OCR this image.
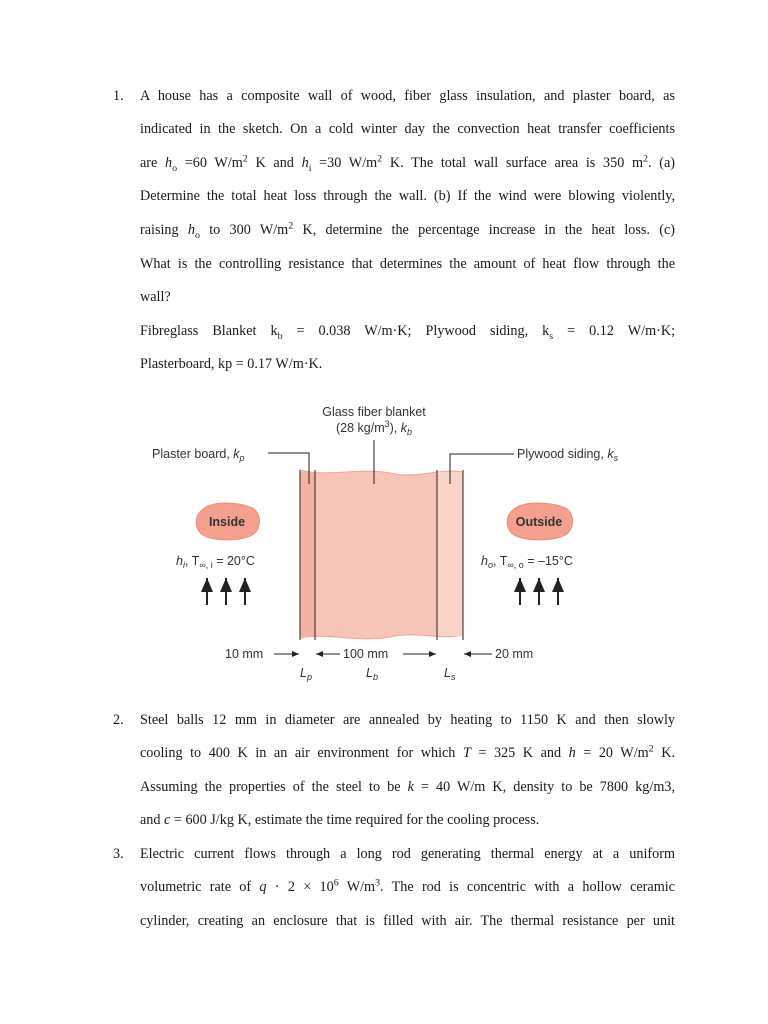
1. A house has a composite wall of wood, fiber glass insulation, and plaster board, as
indicated in the sketch. On a cold winter day the convection heat transfer coefficients
are $h_o =60$ $W/m^2$ K and $h_i =30$ $W/m^2$ K. The total wall surface area is 350 $m^2$. (a)
Determine the total heat loss through the wall. (b) If the wind were blowing violently,
raising $h_o$ to 300 $W/m^2$ K, determine the percentage increase in the heat loss. (c)
What is the controlling resistance that determines the amount of heat flow through the
wall?
Fibreglass Blanket $k_b = 0.038$ W/m·K; Plywood siding, $k_s = 0.12$ W/m·K;
Plasterboard, kp = 0.17 W/m·K.
Glass fiber blanket
(28 $kg/m^3$), $k_b$
Plaster board, $k_p$	Plywood siding, $k_s$
Inside	Outside
$h_i$, $T_{\infty, i} = 20^\circ C$	$h_o$, $T_{\infty, o} = -15^\circ C$
10 mm	100 mm	20 mm
$L_p$	$L_b$	$L_s$
2. Steel balls 12 mm in diameter are annealed by heating to 1150 K and then slowly
cooling to 400 K in an air environment for which T = 325 K and h = 20 $W/m^2$ K.
Assuming the properties of the steel to be k = 40 W/m K, density to be 7800 kg/m3,
and c = 600 J/kg K, estimate the time required for the cooling process.
3. Electric current flows through a long rod generating thermal energy at a uniform
volumetric rate of $q \cdot 2 \times 10^6$ $W/m^3$. The rod is concentric with a hollow ceramic
cylinder, creating an enclosure that is filled with air. The thermal resistance per unit
